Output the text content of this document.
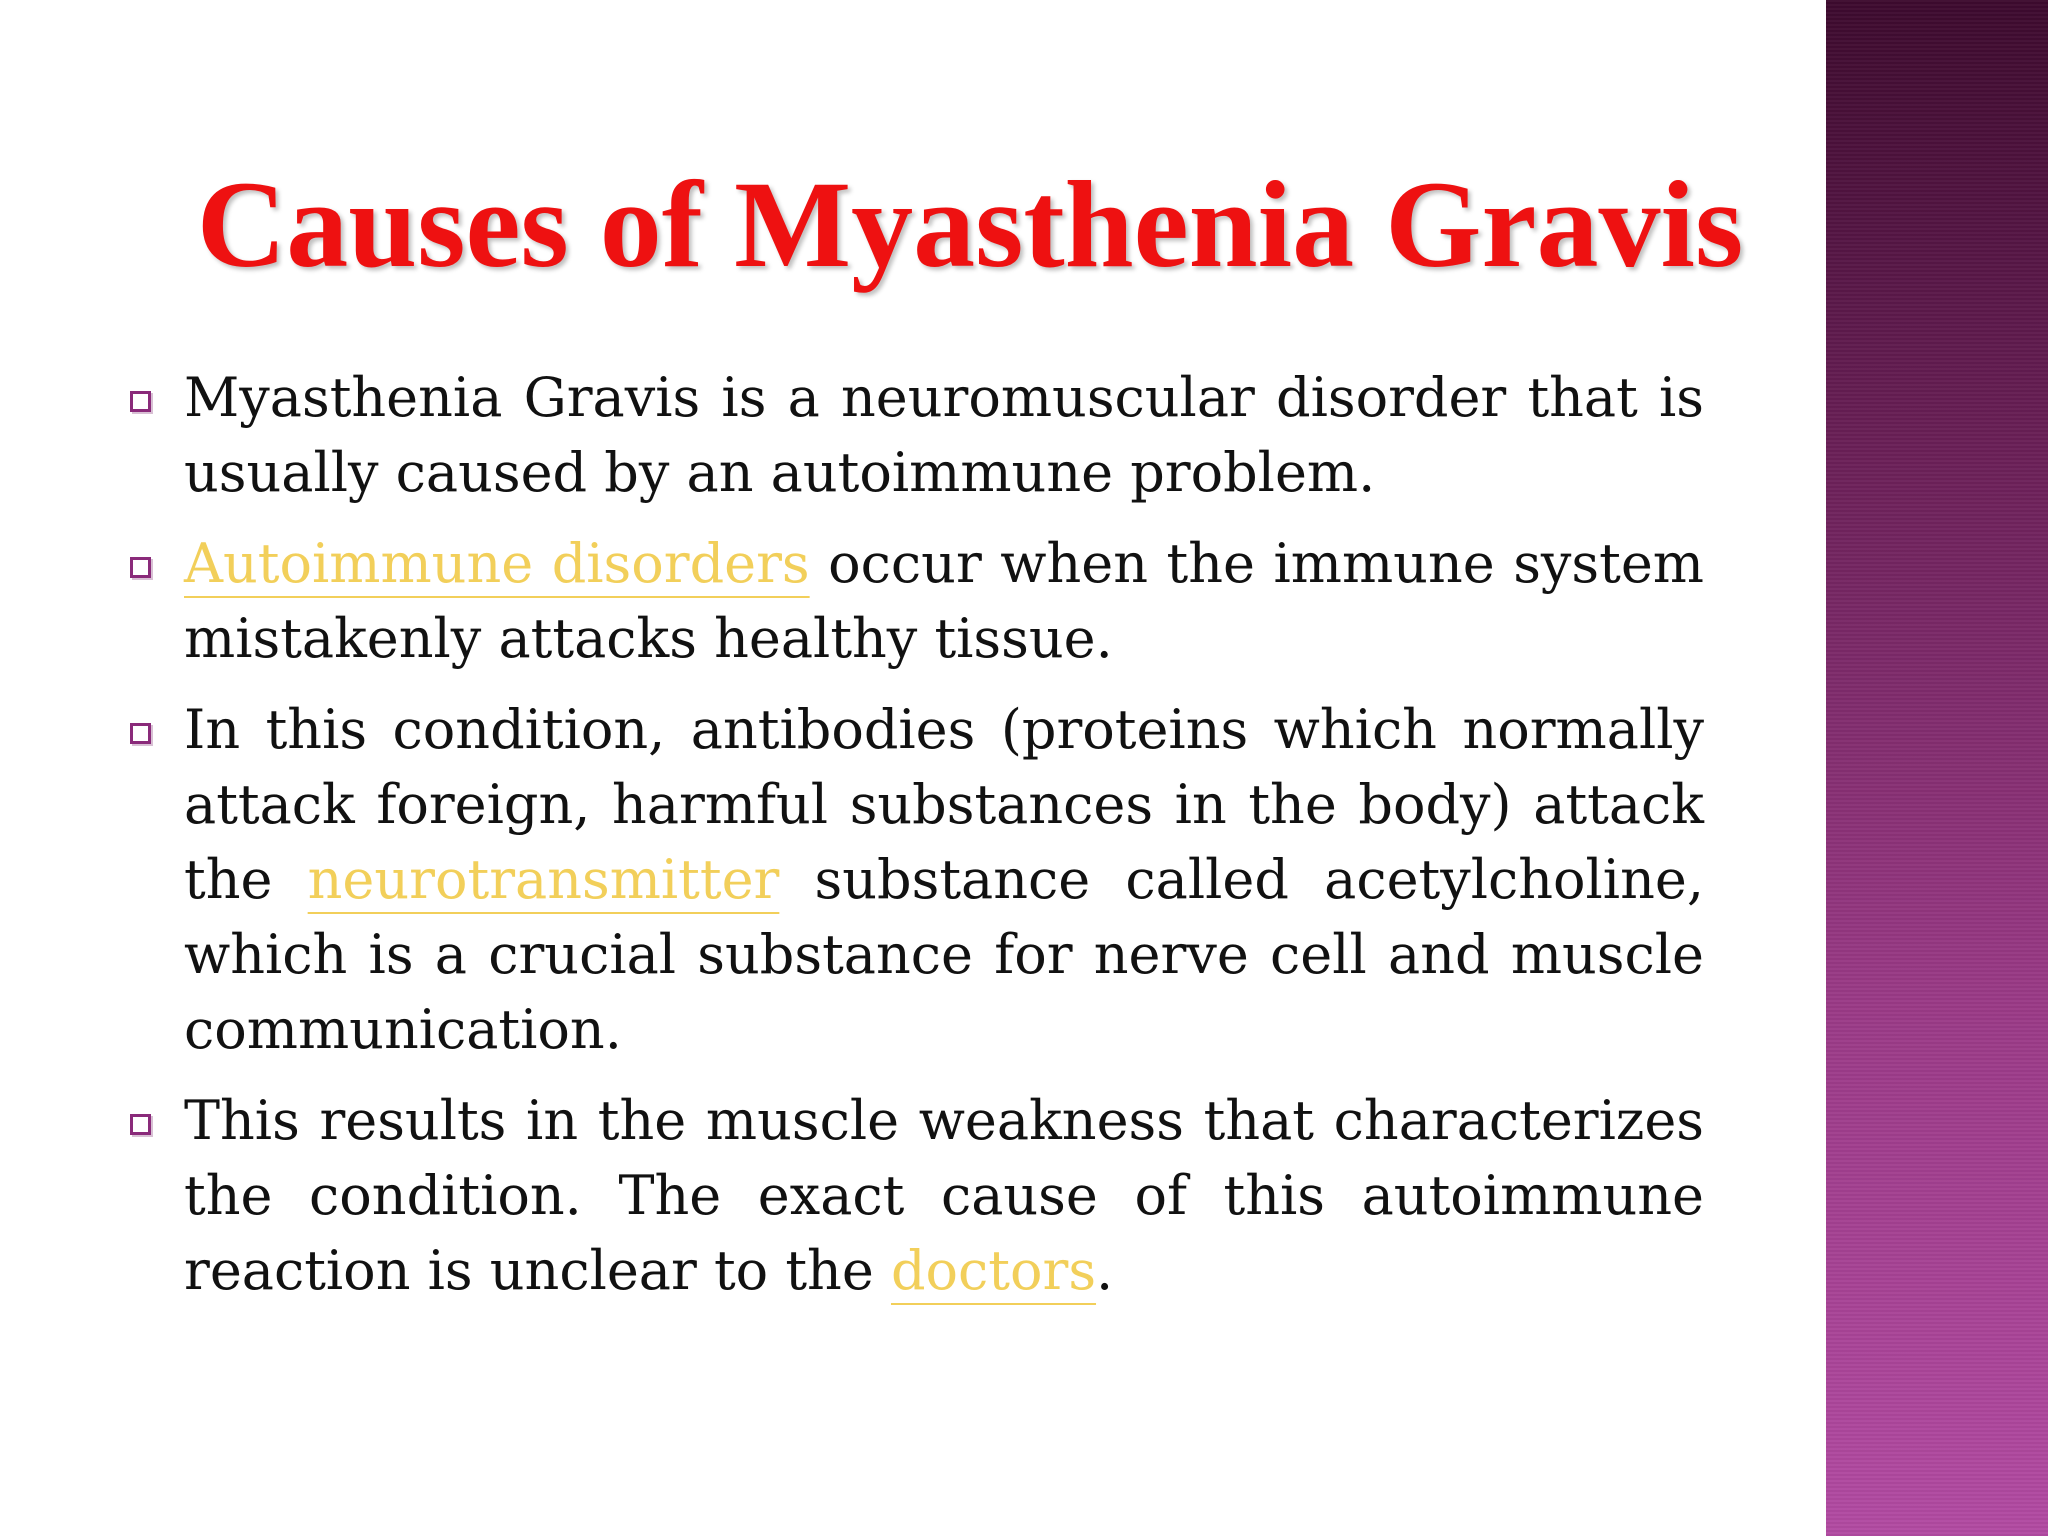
Causes of Myasthenia Gravis
Myasthenia Gravis is a neuromuscular disorder that is usually caused by an autoimmune problem.
Autoimmune disorders occur when the immune system mistakenly attacks healthy tissue.
In this condition, antibodies (proteins which normally attack foreign, harmful substances in the body) attack the neurotransmitter substance called acetylcholine, which is a crucial substance for nerve cell and muscle communication.
This results in the muscle weakness that characterizes the condition. The exact cause of this autoimmune reaction is unclear to the doctors.
